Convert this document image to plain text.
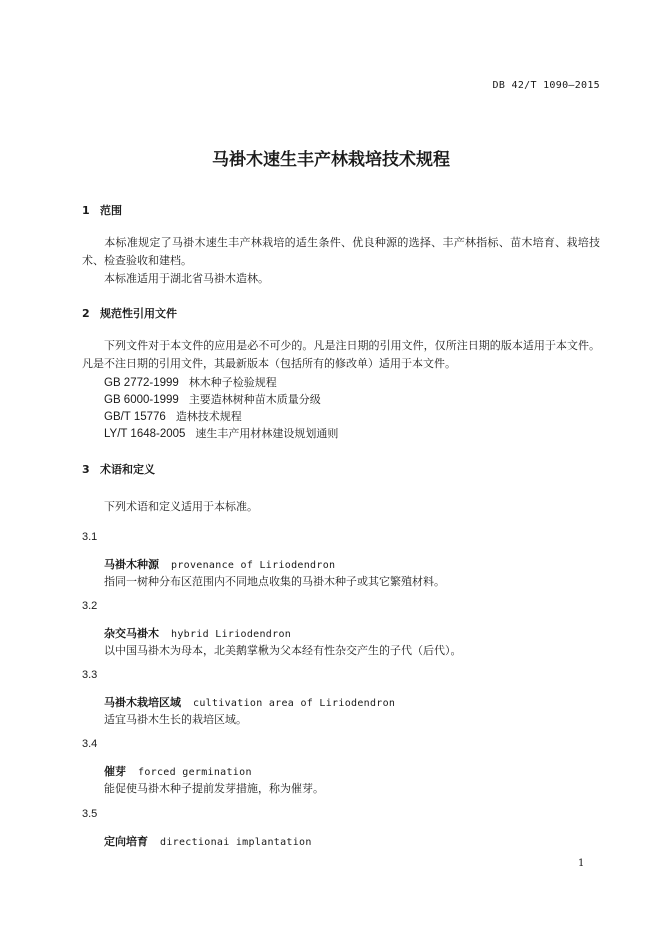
DB 42/T 1090—2015
马褂木速生丰产林栽培技术规程
1 范围
本标准规定了马褂木速生丰产林栽培的适生条件、优良种源的选择、丰产林指标、苗木培育、栽培技术、检查验收和建档。
本标准适用于湖北省马褂木造林。
2 规范性引用文件
下列文件对于本文件的应用是必不可少的。凡是注日期的引用文件，仅所注日期的版本适用于本文件。凡是不注日期的引用文件，其最新版本（包括所有的修改单）适用于本文件。
GB 2772-1999 林木种子检验规程
GB 6000-1999 主要造林树种苗木质量分级
GB/T 15776 造林技术规程
LY/T 1648-2005 速生丰产用材林建设规划通则
3 术语和定义
下列术语和定义适用于本标准。
3.1
马褂木种源 provenance of Liriodendron
指同一树种分布区范围内不同地点收集的马褂木种子或其它繁殖材料。
3.2
杂交马褂木 hybrid Liriodendron
以中国马褂木为母本，北美鹅掌楸为父本经有性杂交产生的子代（后代）。
3.3
马褂木栽培区域 cultivation area of Liriodendron
适宜马褂木生长的栽培区域。
3.4
催芽 forced germination
能促使马褂木种子提前发芽措施，称为催芽。
3.5
定向培育 directionai implantation
1
